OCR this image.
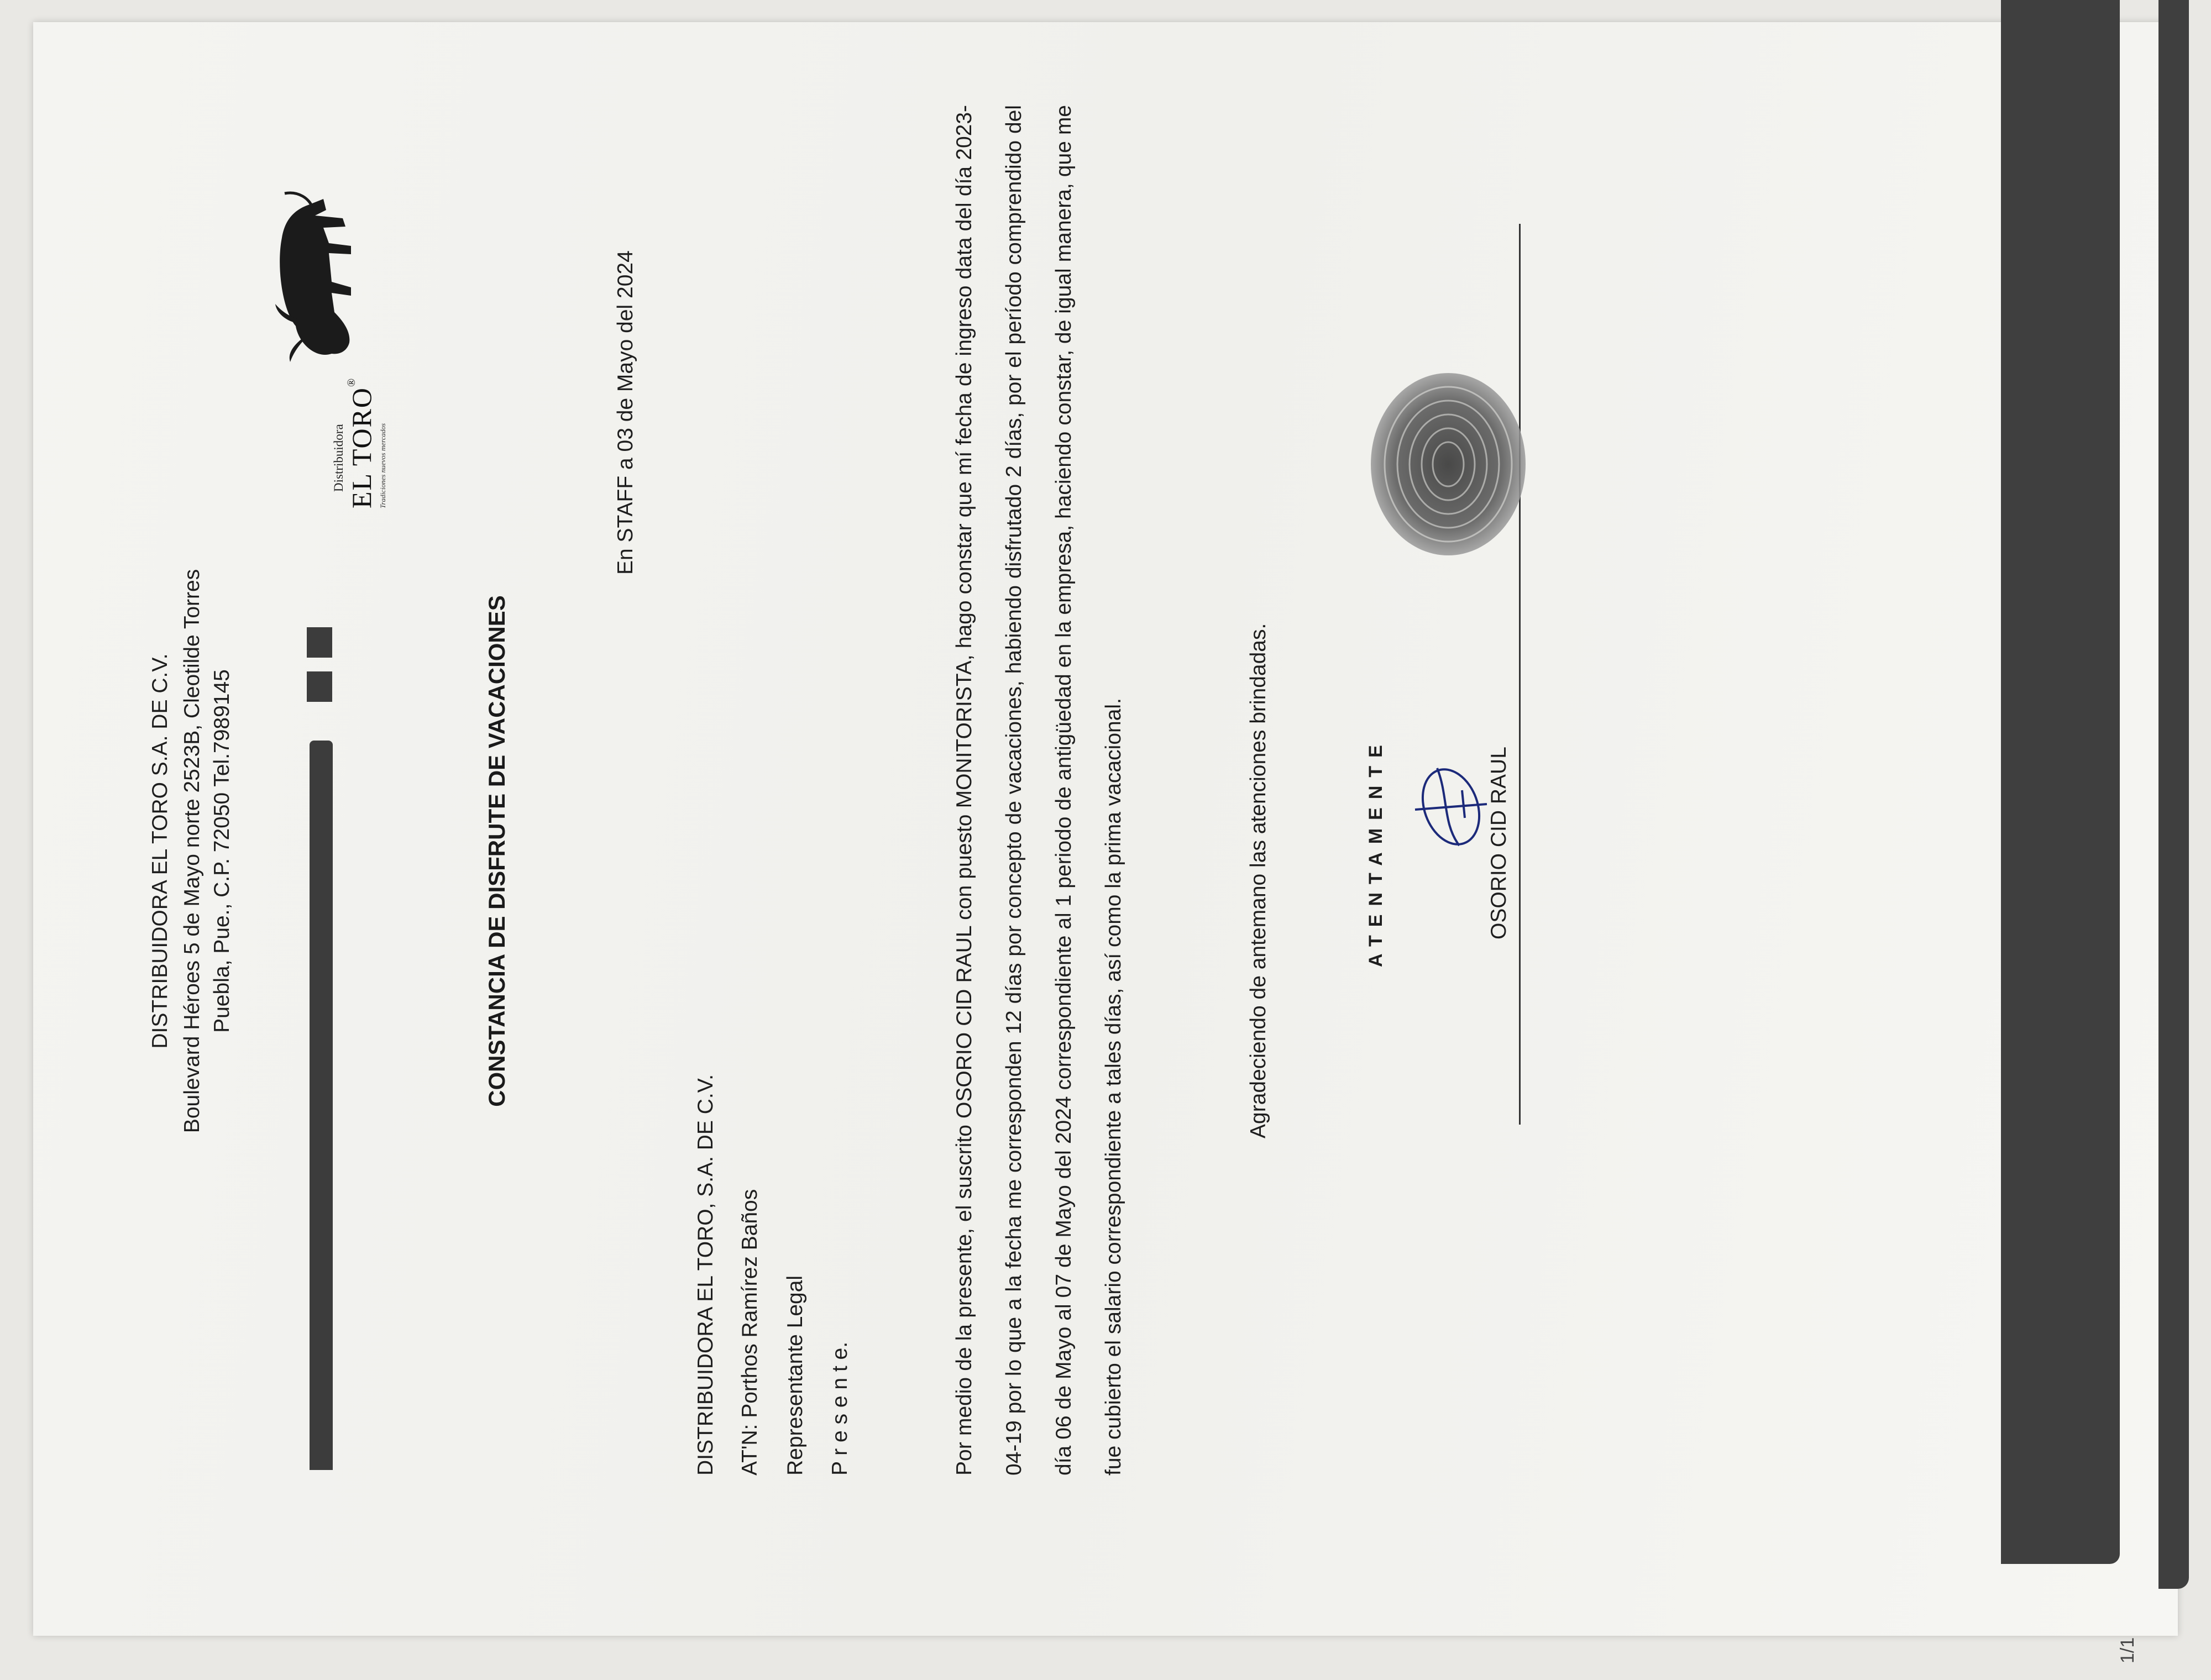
DISTRIBUIDORA EL TORO S.A. DE C.V. Boulevard Héroes 5 de Mayo norte 2523B, Cleotilde Torres Puebla, Pue., C.P. 72050 Tel.7989145
Distribuidora EL TORO®
Tradiciones nuevos mercados
CONSTANCIA DE DISFRUTE DE VACACIONES
En STAFF a 03 de Mayo del 2024
DISTRIBUIDORA EL TORO, S.A. DE C.V. AT'N: Porthos Ramírez Baños Representante Legal P r e s e n t e.	Por medio de la presente, el suscrito OSORIO CID RAUL con puesto MONITORISTA, hago constar que mí fecha de ingreso data del día 2023-04-19 por lo que a la fecha me corresponden 12 días por concepto de vacaciones, habiendo disfrutado 2 días, por el período comprendido del día 06 de Mayo al 07 de Mayo del 2024 correspondiente al 1 periodo de antigüedad en la empresa, haciendo constar, de igual manera, que me fue cubierto el salario correspondiente a tales días, así como la prima vacacional.	Agradeciendo de antemano las atenciones brindadas.	ATENTAMENTE	OSORIO CID RAUL
1/1
